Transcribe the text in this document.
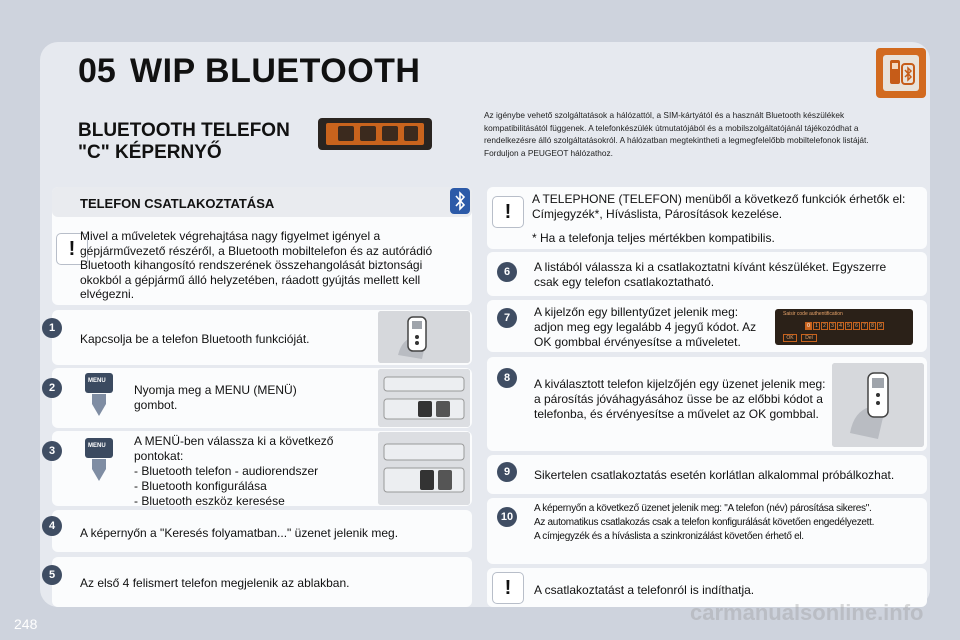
05 WIP BLUETOOTH
BLUETOOTH TELEFON
"C" KÉPERNYŐ
Az igénybe vehető szolgáltatások a hálózattól, a SIM-kártyától és a használt Bluetooth készülékek kompatibilitásától függenek. A telefonkészülék útmutatójából és a mobilszolgáltatójánál tájékozódhat a rendelkezésre álló szolgáltatásokról. A hálózatban megtekintheti a legmegfelelőbb mobiltelefonok listáját. Forduljon a PEUGEOT hálózathoz.
TELEFON CSATLAKOZTATÁSA
!
Mivel a műveletek végrehajtása nagy figyelmet igényel a gépjárművezető részéről, a Bluetooth mobiltelefon és az autórádió Bluetooth kihangosító rendszerének összehangolását biztonsági okokból a gépjármű álló helyzetében, ráadott gyújtás mellett kell elvégezni.
1
Kapcsolja be a telefon Bluetooth funkcióját.
2
MENU
Nyomja meg a MENU (MENÜ) gombot.
3	MENU A MENÜ-ben válassza ki a következő pontokat:
- Bluetooth telefon - audiorendszer
- Bluetooth konfigurálása
- Bluetooth eszköz keresése
4	A képernyőn a "Keresés folyamatban..." üzenet jelenik meg.
5
Az első 4 felismert telefon megjelenik az ablakban.
!
A TELEPHONE (TELEFON) menüből a következő funkciók érhetők el: Címjegyzék*, Híváslista, Párosítások kezelése.
* Ha a telefonja teljes mértékben kompatibilis.
6	A listából válassza ki a csatlakoztatni kívánt készüléket. Egyszerre csak egy telefon csatlakoztatható.
7	A kijelzőn egy billentyűzet jelenik meg: adjon meg egy legalább 4 jegyű kódot. Az OK gombbal érvényesítse a műveletet.
Saisir code authentification
0	1	2	3	4	5	6	7	8	9
OK	Del
8	A kiválasztott telefon kijelzőjén egy üzenet jelenik meg: a párosítás jóváhagyásához üsse be az előbbi kódot a telefonba, és érvényesítse a művelet az OK gombbal.
9	Sikertelen csatlakoztatás esetén korlátlan alkalommal próbálkozhat.
10
A képernyőn a következő üzenet jelenik meg: "A telefon (név) párosítása sikeres".
Az automatikus csatlakozás csak a telefon konfigurálását követően engedélyezett.
A címjegyzék és a híváslista a szinkronizálást követően érhető el.
!	A csatlakoztatást a telefonról is indíthatja.
248	carmanualsonline.info
